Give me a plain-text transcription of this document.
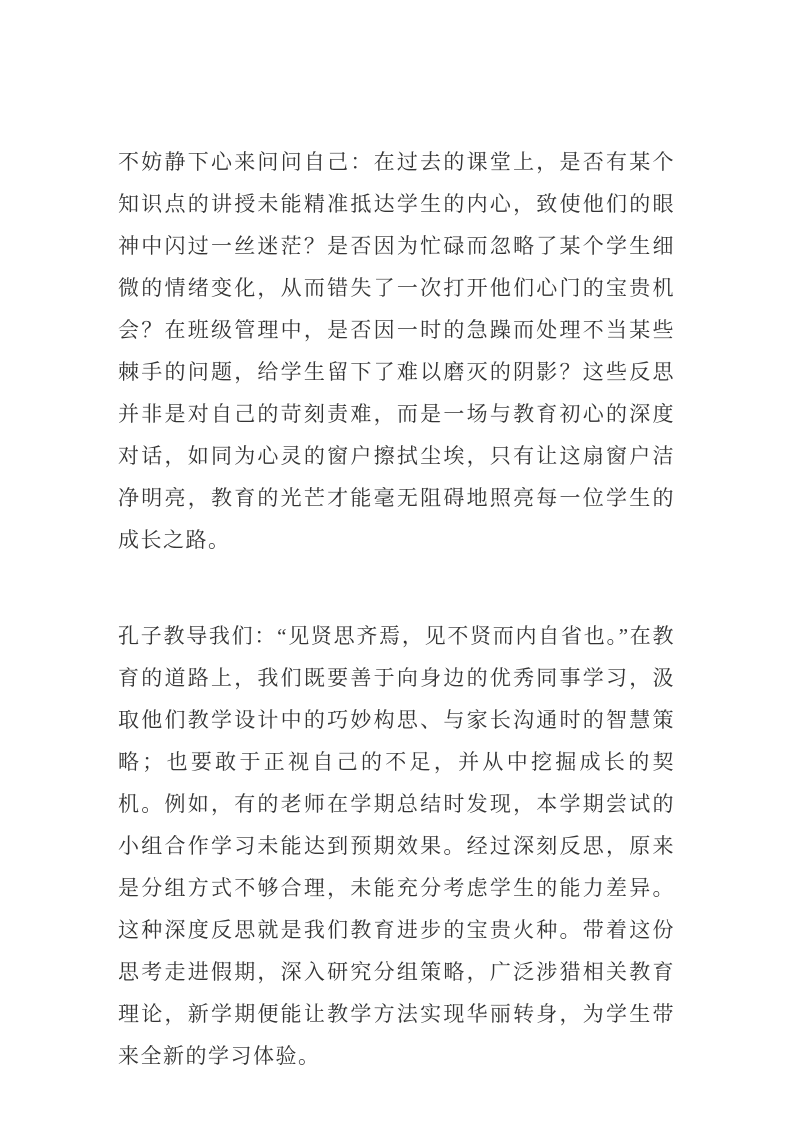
不妨静下心来问问自己：在过去的课堂上，是否有某个知识点的讲授未能精准抵达学生的内心，致使他们的眼神中闪过一丝迷茫？是否因为忙碌而忽略了某个学生细微的情绪变化，从而错失了一次打开他们心门的宝贵机会？在班级管理中，是否因一时的急躁而处理不当某些棘手的问题，给学生留下了难以磨灭的阴影？这些反思并非是对自己的苛刻责难，而是一场与教育初心的深度对话，如同为心灵的窗户擦拭尘埃，只有让这扇窗户洁净明亮，教育的光芒才能毫无阻碍地照亮每一位学生的成长之路。

孔子教导我们：“见贤思齐焉，见不贤而内自省也。”在教育的道路上，我们既要善于向身边的优秀同事学习，汲取他们教学设计中的巧妙构思、与家长沟通时的智慧策略；也要敢于正视自己的不足，并从中挖掘成长的契机。例如，有的老师在学期总结时发现，本学期尝试的小组合作学习未能达到预期效果。经过深刻反思，原来是分组方式不够合理，未能充分考虑学生的能力差异。这种深度反思就是我们教育进步的宝贵火种。带着这份思考走进假期，深入研究分组策略，广泛涉猎相关教育理论，新学期便能让教学方法实现华丽转身，为学生带来全新的学习体验。
